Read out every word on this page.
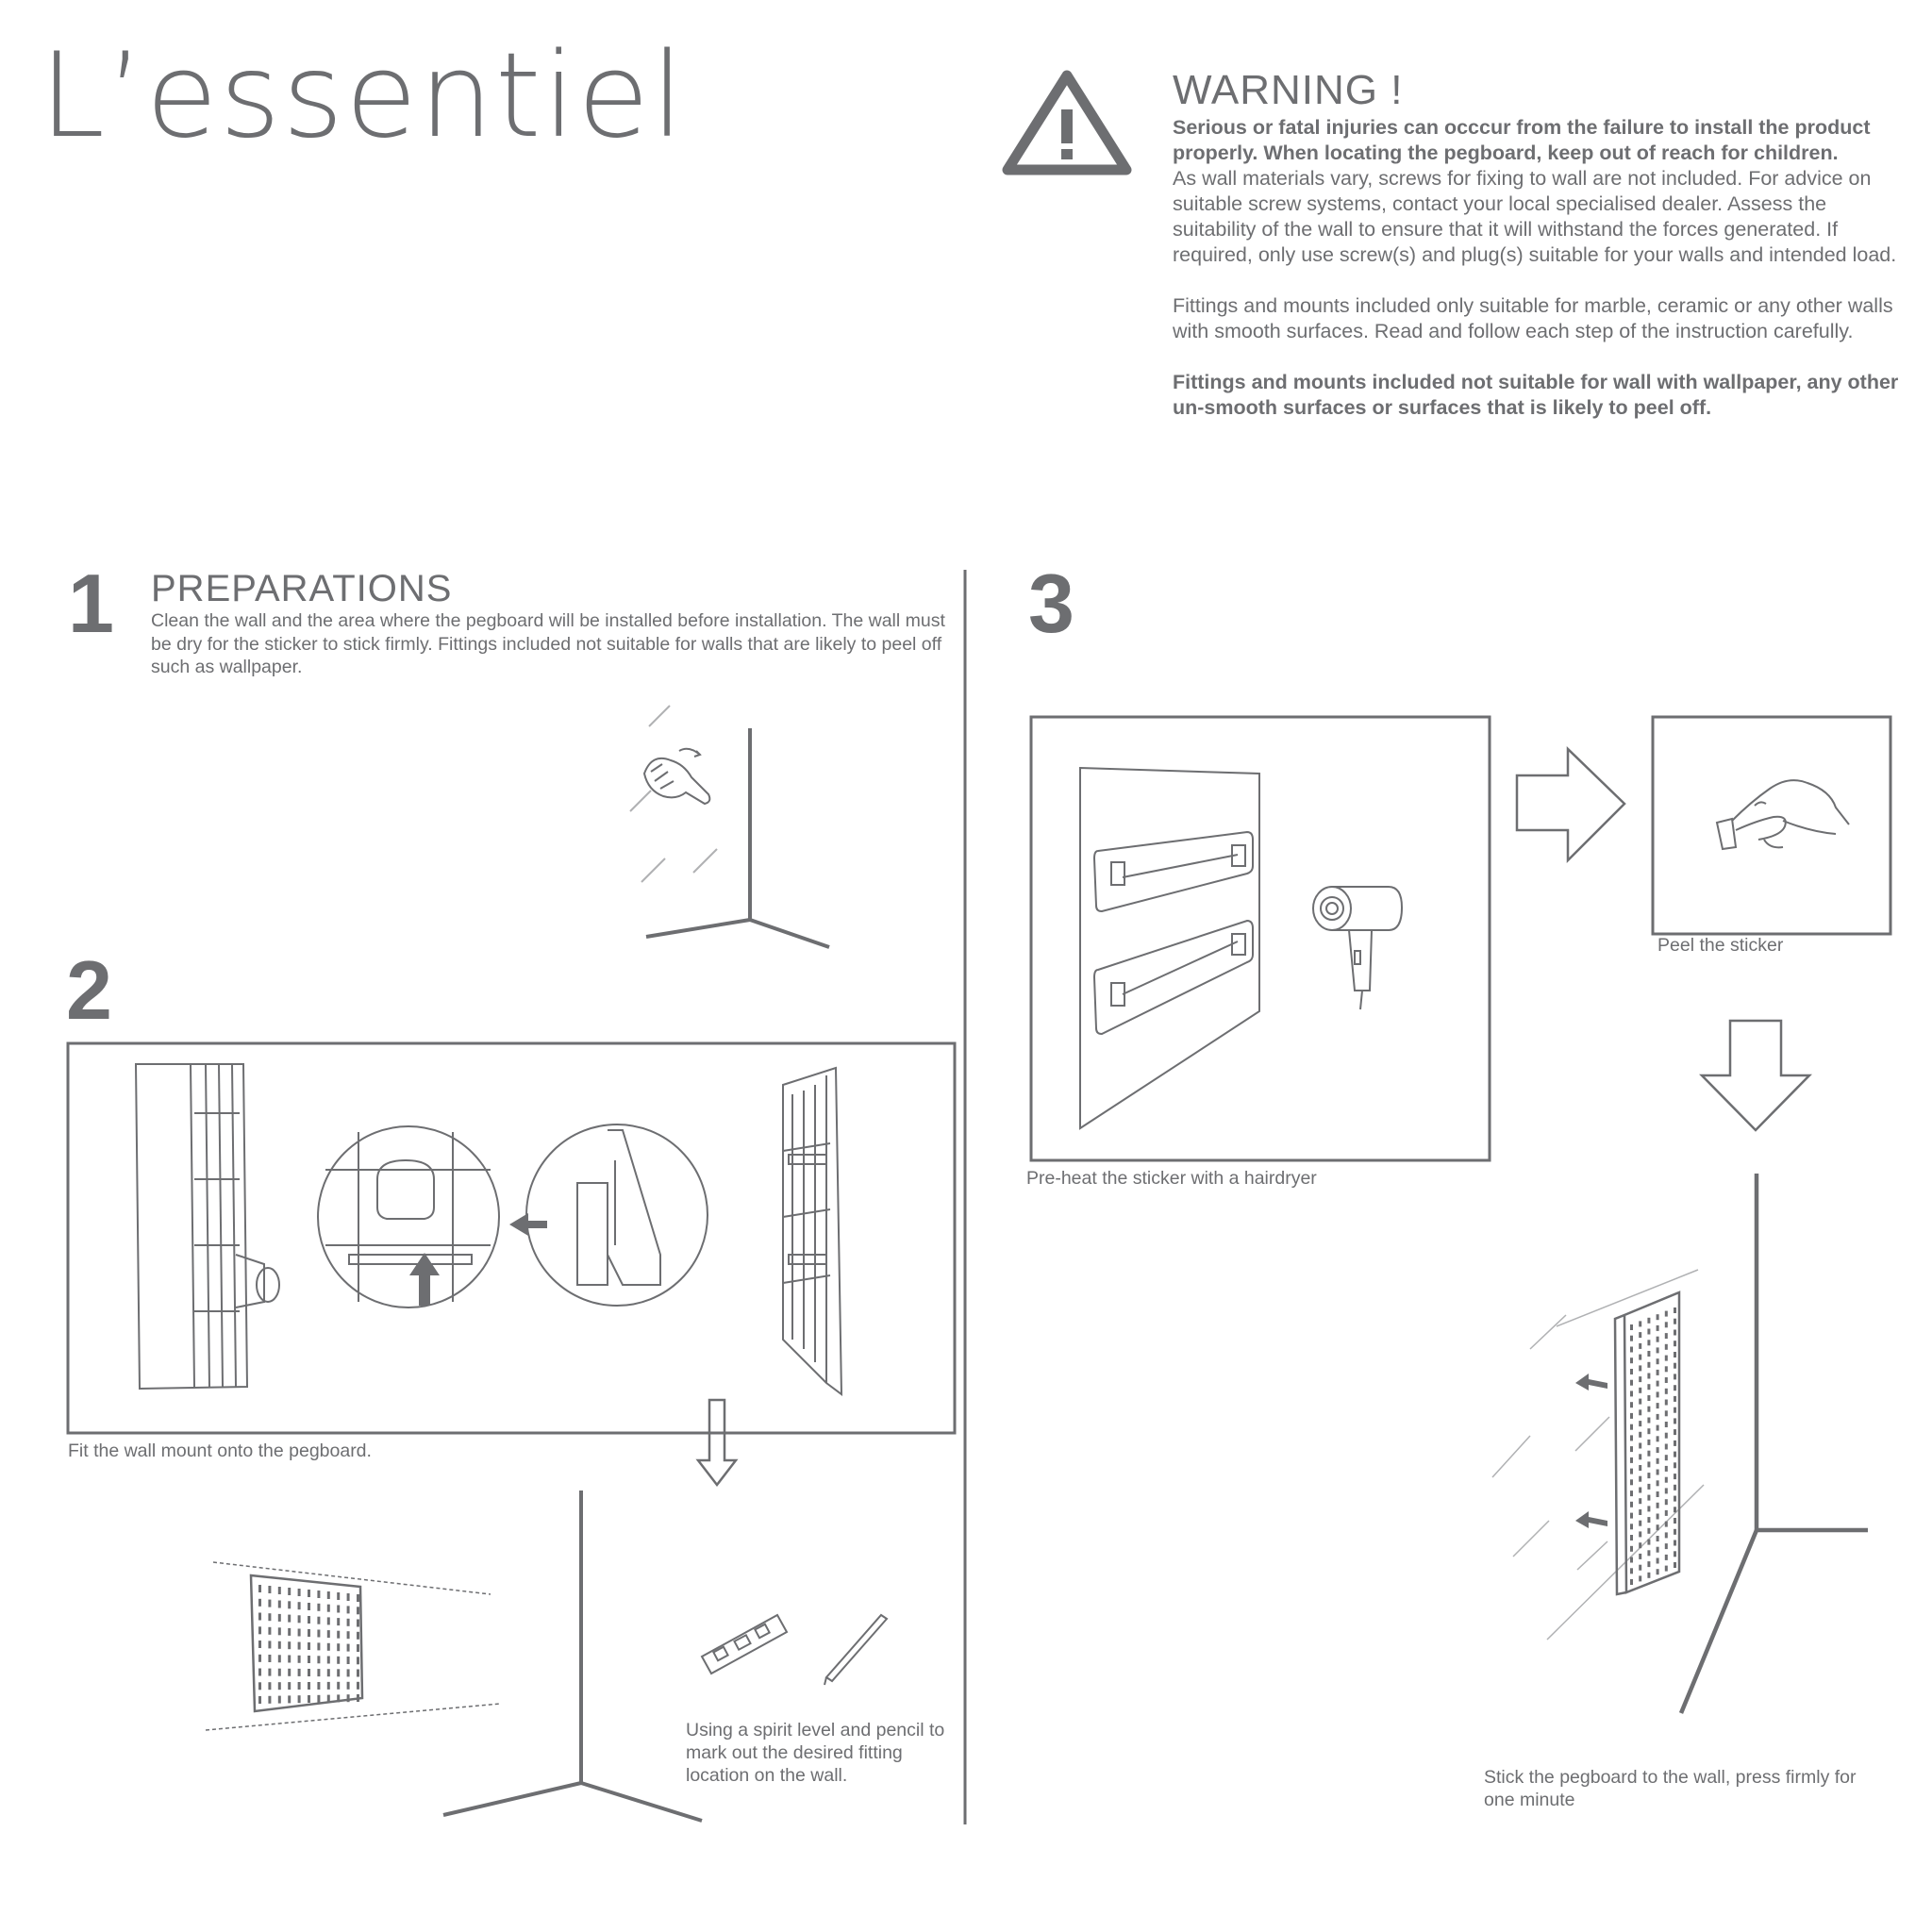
L’essentiel	WARNING !

Serious or fatal injuries can occcur from the failure to install the product properly. When locating the pegboard, keep out of reach for children.
As wall materials vary, screws for fixing to wall are not included. For advice on suitable screw systems, contact your local specialised dealer. Assess the suitability of the wall to ensure that it will withstand the forces generated. If required, only use screw(s) and plug(s) suitable for your walls and intended load.

Fittings and mounts included only suitable for marble, ceramic or any other walls with smooth surfaces. Read and follow each step of the instruction carefully.

Fittings and mounts included not suitable for wall with wallpaper, any other un-smooth surfaces or surfaces that is likely to peel off.

1 PREPARATIONS
Clean the wall and the area where the pegboard will be installed before installation. The wall must be dry for the sticker to stick firmly. Fittings included not suitable for walls that are likely to peel off such as wallpaper.
2
Fit the wall mount onto the pegboard.
Using a spirit level and pencil to mark out the desired fitting location on the wall.
3
Pre-heat the sticker with a hairdryer
Peel the sticker
Stick the pegboard to the wall, press firmly for one minute
